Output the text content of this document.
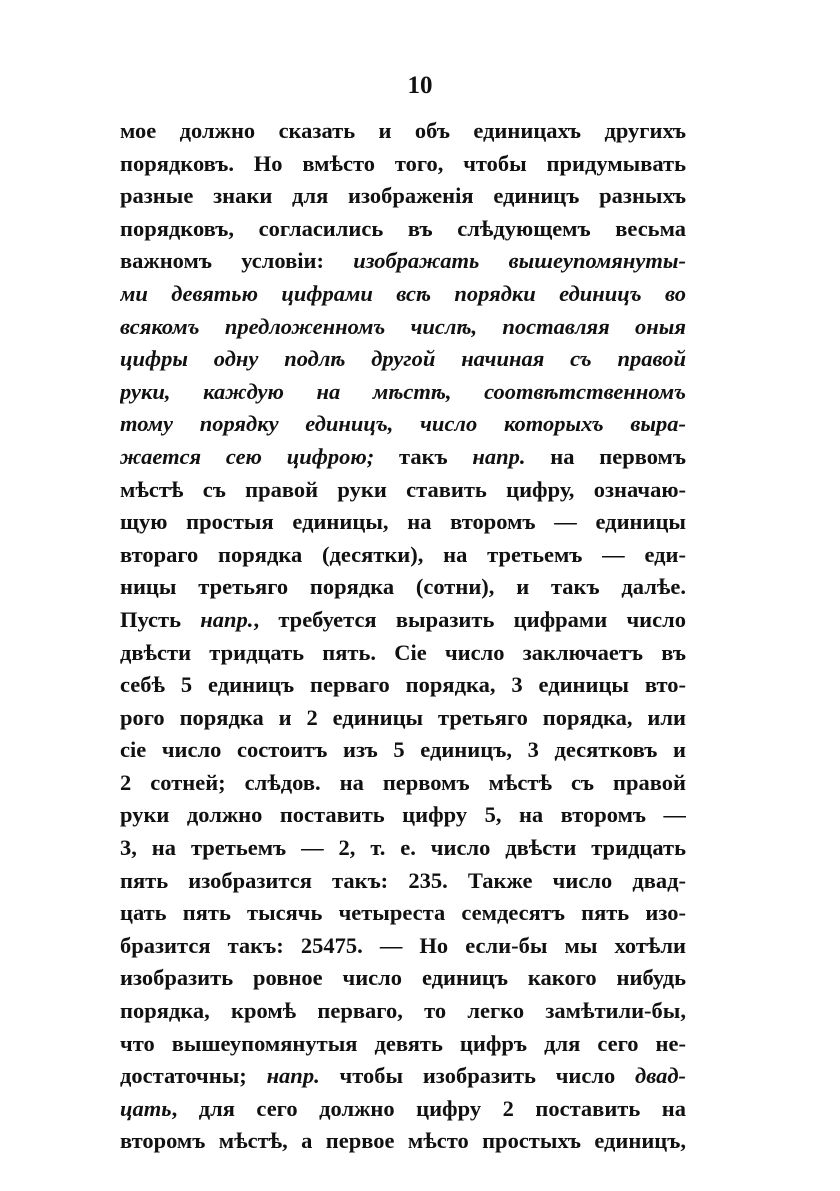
10
мое должно сказать и объ единицахъ другихъ
порядковъ. Но вмѣсто того, чтобы придумывать
разные знаки для изображенія единицъ разныхъ
порядковъ, согласились въ слѣдующемъ весьма
важномъ условіи: изображать вышеупомянуты-
ми девятью цифрами всѣ порядки единицъ во
всякомъ предложенномъ числѣ, поставляя оныя
цифры одну подлѣ другой начиная съ правой
руки, каждую на мѣстѣ, соотвѣтственномъ
тому порядку единицъ, число которыхъ выра-
жается сею цифрою; такъ напр. на первомъ
мѣстѣ съ правой руки ставить цифру, означаю-
щую простыя единицы, на второмъ — единицы
втораго порядка (десятки), на третьемъ — еди-
ницы третьяго порядка (сотни), и такъ далѣе.
Пусть напр., требуется выразить цифрами число
двѣсти тридцать пять. Сіе число заключаетъ въ
себѣ 5 единицъ перваго порядка, 3 единицы вто-
рого порядка и 2 единицы третьяго порядка, или
сіе число состоитъ изъ 5 единицъ, 3 десятковъ и
2 сотней; слѣдов. на первомъ мѣстѣ съ правой
руки должно поставить цифру 5, на второмъ —
3, на третьемъ — 2, т. е. число двѣсти тридцать
пять изобразится такъ: 235. Также число двад-
цать пять тысячь четыреста семдесятъ пять изо-
бразится такъ: 25475. — Но если-бы мы хотѣли
изобразить ровное число единицъ какого нибудь
порядка, кромѣ перваго, то легко замѣтили-бы,
что вышеупомянутыя девять цифръ для сего не-
достаточны; напр. чтобы изобразить число двад-
цать, для сего должно цифру 2 поставить на
второмъ мѣстѣ, а первое мѣсто простыхъ единицъ,
